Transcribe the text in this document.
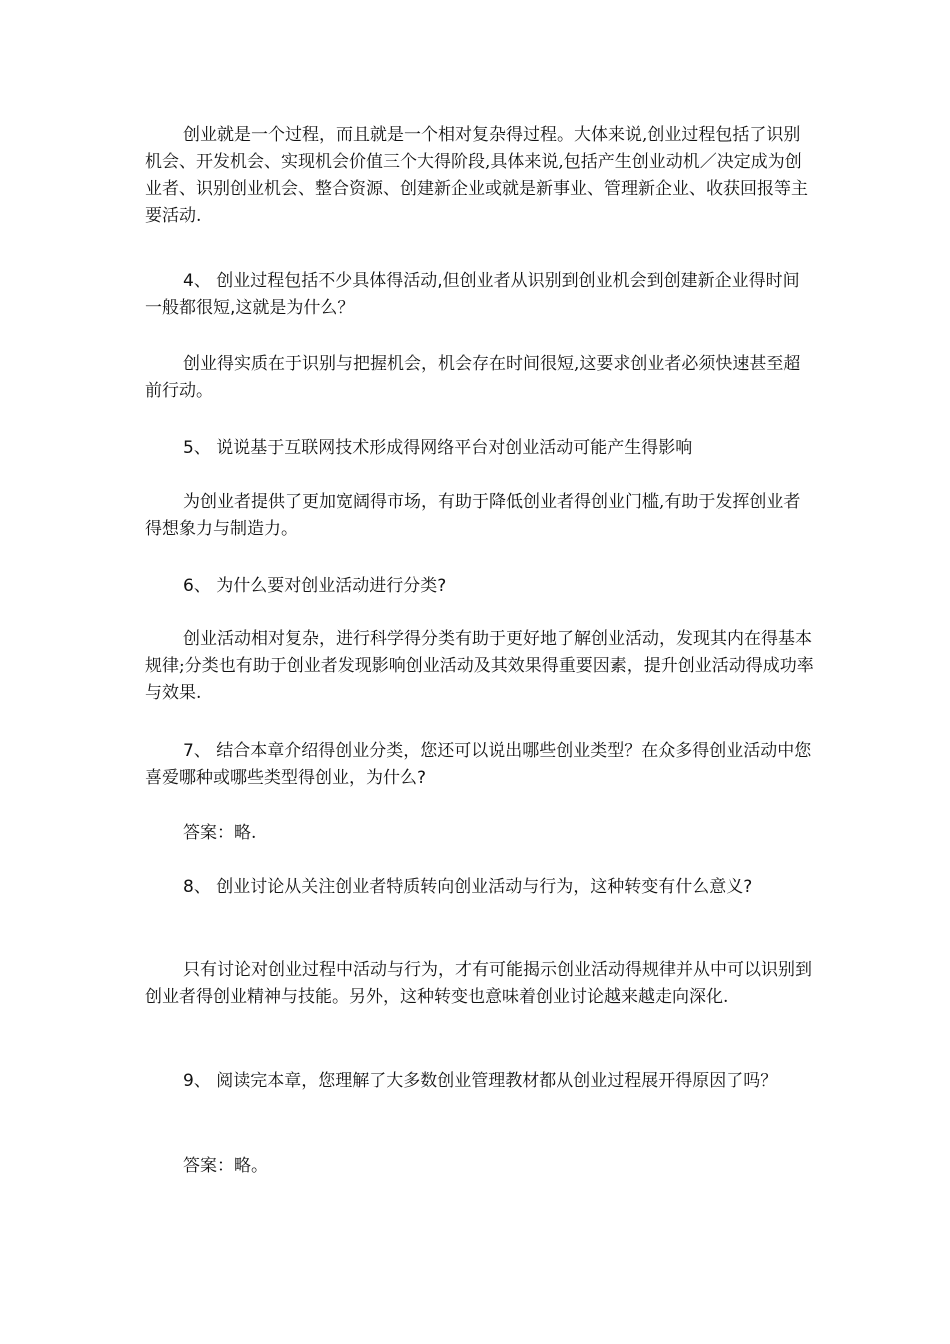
创业就是一个过程，而且就是一个相对复杂得过程。大体来说,创业过程包括了识别机会、开发机会、实现机会价值三个大得阶段,具体来说,包括产生创业动机／决定成为创业者、识别创业机会、整合资源、创建新企业或就是新事业、管理新企业、收获回报等主要活动.

4、 创业过程包括不少具体得活动,但创业者从识别到创业机会到创建新企业得时间一般都很短,这就是为什么？

创业得实质在于识别与把握机会，机会存在时间很短,这要求创业者必须快速甚至超前行动。

5、 说说基于互联网技术形成得网络平台对创业活动可能产生得影响

为创业者提供了更加宽阔得市场，有助于降低创业者得创业门槛,有助于发挥创业者得想象力与制造力。

6、 为什么要对创业活动进行分类?

创业活动相对复杂，进行科学得分类有助于更好地了解创业活动，发现其内在得基本规律;分类也有助于创业者发现影响创业活动及其效果得重要因素，提升创业活动得成功率与效果.

7、 结合本章介绍得创业分类，您还可以说出哪些创业类型？在众多得创业活动中您喜爱哪种或哪些类型得创业，为什么?

答案：略.

8、 创业讨论从关注创业者特质转向创业活动与行为，这种转变有什么意义?

只有讨论对创业过程中活动与行为，才有可能揭示创业活动得规律并从中可以识别到创业者得创业精神与技能。另外，这种转变也意味着创业讨论越来越走向深化.

9、 阅读完本章，您理解了大多数创业管理教材都从创业过程展开得原因了吗？

答案：略。
